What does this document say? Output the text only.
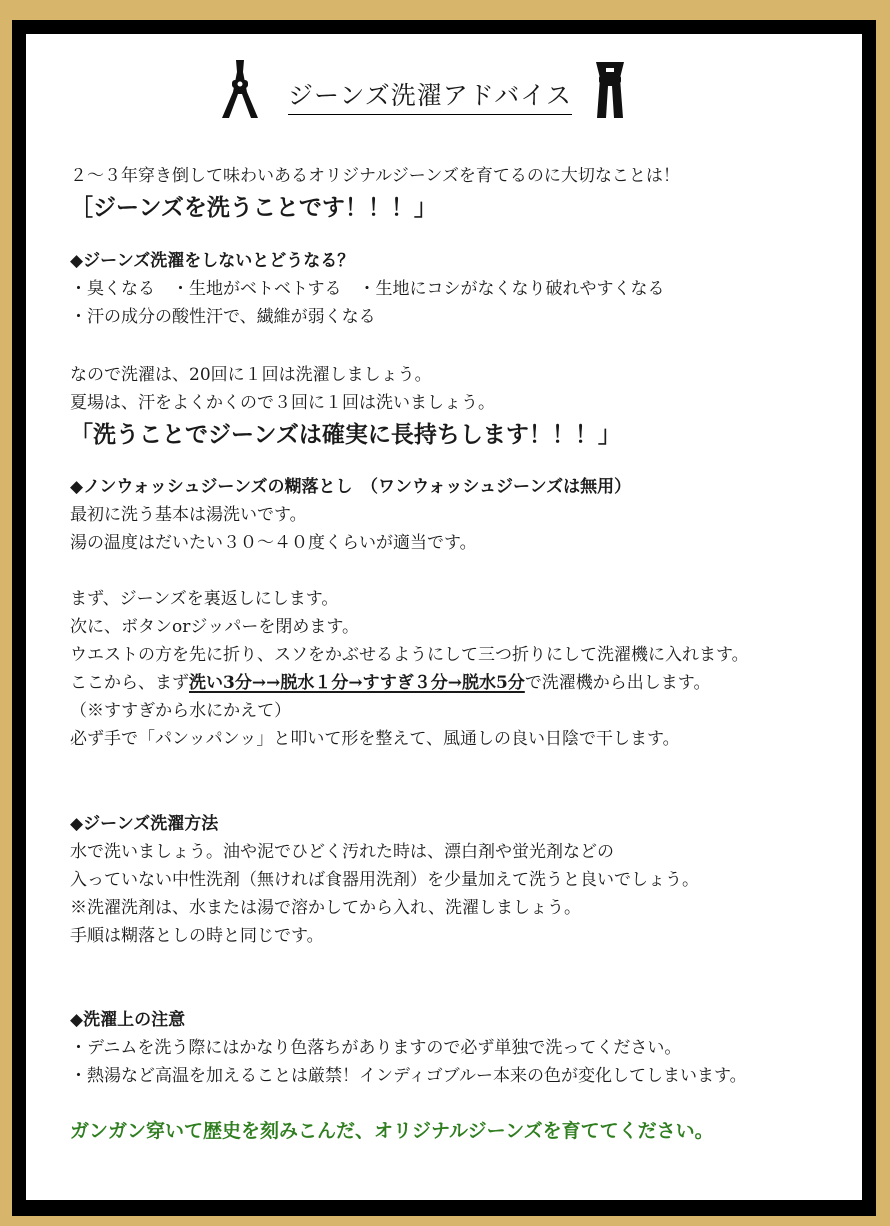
ジーンズ洗濯アドバイス
２～３年穿き倒して味わいあるオリジナルジーンズを育てるのに大切なことは！
［ジーンズを洗うことです！！！」
◆ジーンズ洗濯をしないとどうなる？
・臭くなる　・生地がベトベトする　・生地にコシがなくなり破れやすくなる
・汗の成分の酸性汗で、繊維が弱くなる
なので洗濯は、20回に１回は洗濯しましょう。
夏場は、汗をよくかくので３回に１回は洗いましょう。
「洗うことでジーンズは確実に長持ちします！！！」
◆ノンウォッシュジーンズの糊落とし　（ワンウォッシュジーンズは無用）
最初に洗う基本は湯洗いです。
湯の温度はだいたい３０～４０度くらいが適当です。
まず、ジーンズを裏返しにします。
次に、ボタンorジッパーを閉めます。
ウエストの方を先に折り、スソをかぶせるようにして三つ折りにして洗濯機に入れます。
ここから、まず洗い3分→→脱水１分→すすぎ３分→脱水5分で洗濯機から出します。
（※すすぎから水にかえて）
必ず手で「パンッパンッ」と叩いて形を整えて、風通しの良い日陰で干します。
◆ジーンズ洗濯方法
水で洗いましょう。油や泥でひどく汚れた時は、漂白剤や蛍光剤などの
入っていない中性洗剤（無ければ食器用洗剤）を少量加えて洗うと良いでしょう。
※洗濯洗剤は、水または湯で溶かしてから入れ、洗濯しましょう。
手順は糊落としの時と同じです。
◆洗濯上の注意
・デニムを洗う際にはかなり色落ちがありますので必ず単独で洗ってください。
・熱湯など高温を加えることは厳禁！インディゴブルー本来の色が変化してしまいます。
ガンガン穿いて歴史を刻みこんだ、オリジナルジーンズを育ててください。
